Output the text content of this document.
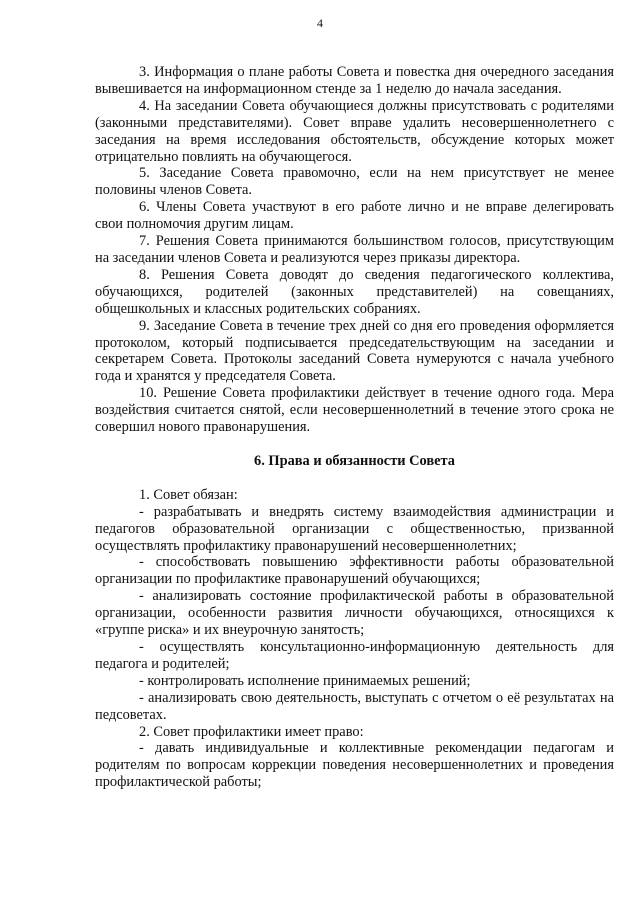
4

3. Информация о плане работы Совета и повестка дня очередного заседания вывешивается на информационном стенде за 1 неделю до начала заседания.

4. На заседании Совета обучающиеся должны присутствовать с родителями (законными представителями). Совет вправе удалить несовершеннолетнего с заседания на время исследования обстоятельств, обсуждение которых может отрицательно повлиять на обучающегося.

5. Заседание Совета правомочно, если на нем присутствует не менее половины членов Совета.

6. Члены Совета участвуют в его работе лично и не вправе делегировать свои полномочия другим лицам.

7. Решения Совета принимаются большинством голосов, присутствующим на заседании членов Совета и реализуются через приказы директора.

8. Решения Совета доводят до сведения педагогического коллектива, обучающихся, родителей (законных представителей) на совещаниях, общешкольных и классных родительских собраниях.

9. Заседание Совета в течение трех дней со дня его проведения оформляется протоколом, который подписывается председательствующим на заседании и секретарем Совета. Протоколы заседаний Совета нумеруются с начала учебного года и хранятся у председателя Совета.

10. Решение Совета профилактики действует в течение одного года. Мера воздействия считается снятой, если несовершеннолетний в течение этого срока не совершил нового правонарушения.

6. Права и обязанности Совета

1. Совет обязан:

- разрабатывать и внедрять систему взаимодействия администрации и педагогов образовательной организации с общественностью, призванной осуществлять профилактику правонарушений несовершеннолетних;

- способствовать повышению эффективности работы образовательной организации по профилактике правонарушений обучающихся;

- анализировать состояние профилактической работы в образовательной организации, особенности развития личности обучающихся, относящихся к «группе риска» и их внеурочную занятость;

- осуществлять консультационно-информационную деятельность для педагога и родителей;

- контролировать исполнение принимаемых решений;

- анализировать свою деятельность, выступать с отчетом о её результатах на педсоветах.

2. Совет профилактики имеет право:

- давать индивидуальные и коллективные рекомендации педагогам и родителям по вопросам коррекции поведения несовершеннолетних и проведения профилактической работы;
